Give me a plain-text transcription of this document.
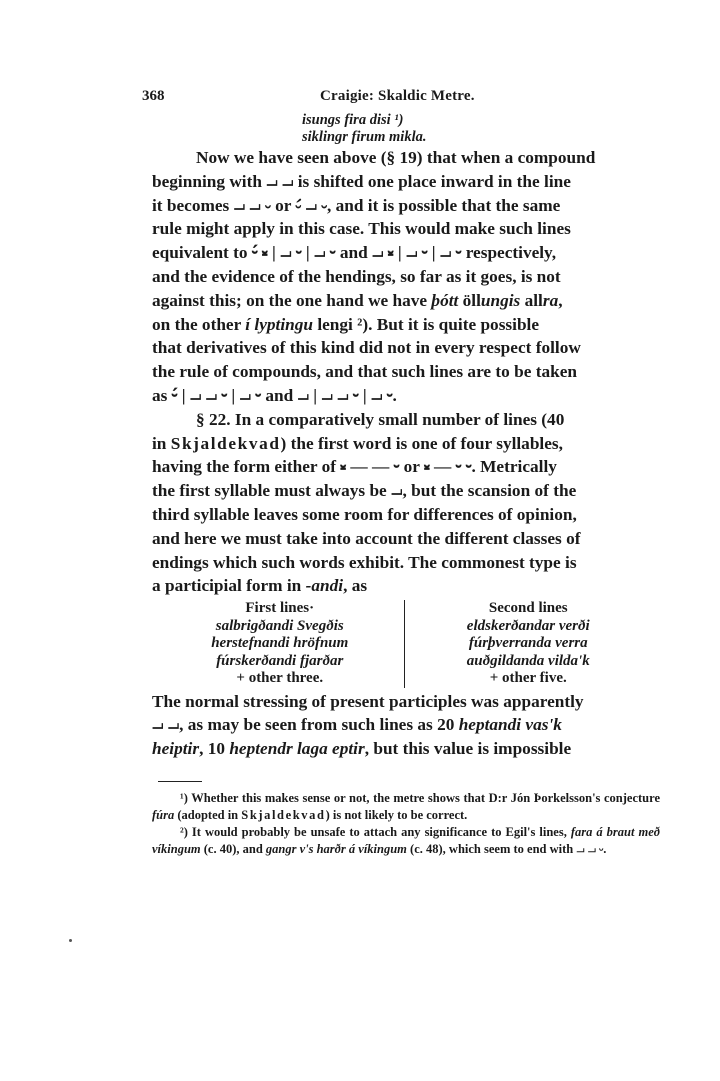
368	Craigie: Skaldic Metre.
isungs fira disi ¹)
siklingr firum mikla.
Now we have seen above (§ 19) that when a compound
beginning with ⏗ ⏗ is shifted one place inward in the line
it becomes ⏗ ⏗ ⏑ or ⏑́ ⏗ ⏑, and it is possible that the same
rule might apply in this case. This would make such lines
equivalent to ⏑́ ⏓ | ⏗ ⏑ | ⏗ ⏑ and ⏗ ⏓ | ⏗ ⏑ | ⏗ ⏑ respectively,
and the evidence of the hendings, so far as it goes, is not
against this; on the one hand we have þótt öllungis allra,
on the other í lyptingu lengi ²). But it is quite possible
that derivatives of this kind did not in every respect follow
the rule of compounds, and that such lines are to be taken
as ⏑́ | ⏗ ⏗ ⏑ | ⏗ ⏑ and ⏗ | ⏗ ⏗ ⏑ | ⏗ ⏑.
§ 22. In a comparatively small number of lines (40
in Skjaldekvad) the first word is one of four syllables,
having the form either of ⏓ — — ⏑ or ⏓ — ⏑ ⏑. Metrically
the first syllable must always be ⏗, but the scansion of the
third syllable leaves some room for differences of opinion,
and here we must take into account the different classes of
endings which such words exhibit. The commonest type is
a participial form in -andi, as
First lines·
salbrigðandi Svegðis
herstefnandi hröfnum
fúrskerðandi fjarðar
+ other three.
Second lines
eldskerðandar verði
fúrþverranda verra
auðgildanda vilda'k
+ other five.
The normal stressing of present participles was apparently
⏗ ⏗, as may be seen from such lines as 20 heptandi vas'k
heiptir, 10 heptendr laga eptir, but this value is impossible
¹) Whether this makes sense or not, the metre shows that D:r Jón Þorkelsson's conjecture fúra (adopted in Skjaldekvad) is not likely to be correct.
²) It would probably be unsafe to attach any significance to Egil's lines, fara á braut með víkingum (c. 40), and gangr v's harðr á víkingum (c. 48), which seem to end with ⏗ ⏗ ⏑.
